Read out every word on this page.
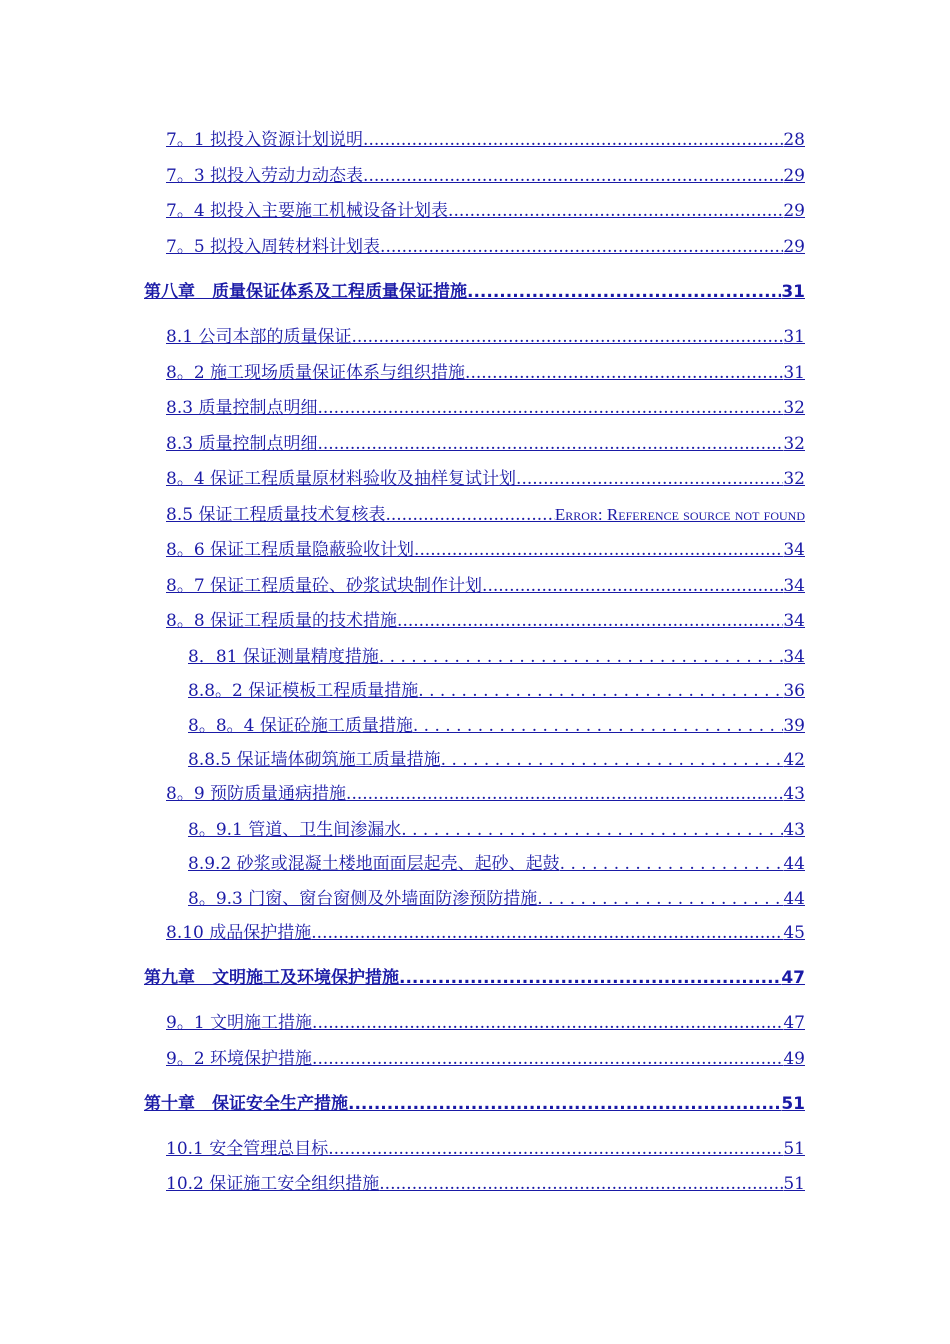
7。1 拟投入资源计划说明 .....	28
7。3 拟投入劳动力动态表 .....	29
7。4 拟投入主要施工机械设备计划表 .....	29
7。5 拟投入周转材料计划表 .....	29
第八章　质量保证体系及工程质量保证措施 .....	31
8.1 公司本部的质量保证 .....	31
8。2 施工现场质量保证体系与组织措施 .....	31
8.3 质量控制点明细 .....	32
8.3 质量控制点明细 .....	32
8。4 保证工程质量原材料验收及抽样复试计划 .....	32
8.5 保证工程质量技术复核表 .....	Error: Reference source not found
8。6 保证工程质量隐蔽验收计划 .....	34
8。7 保证工程质量砼、砂浆试块制作计划 .....	34
8。8 保证工程质量的技术措施 .....	34
8．81 保证测量精度措施 . . .	34
8.8。2 保证模板工程质量措施 . . .	36
8。8。4 保证砼施工质量措施 . . .	39
8.8.5 保证墙体砌筑施工质量措施 . . .	42
8。9 预防质量通病措施 .....	43
8。9.1 管道、卫生间渗漏水 . . .	43
8.9.2 砂浆或混凝土楼地面面层起壳、起砂、起鼓 . . .	44
8。9.3 门窗、窗台窗侧及外墙面防渗预防措施 . . .	44
8.10 成品保护措施 .....	45
第九章　文明施工及环境保护措施 .....	47
9。1 文明施工措施 .....	47
9。2 环境保护措施 .....	49
第十章　保证安全生产措施 .....	51
10.1 安全管理总目标 .....	51
10.2 保证施工安全组织措施 .....	51
